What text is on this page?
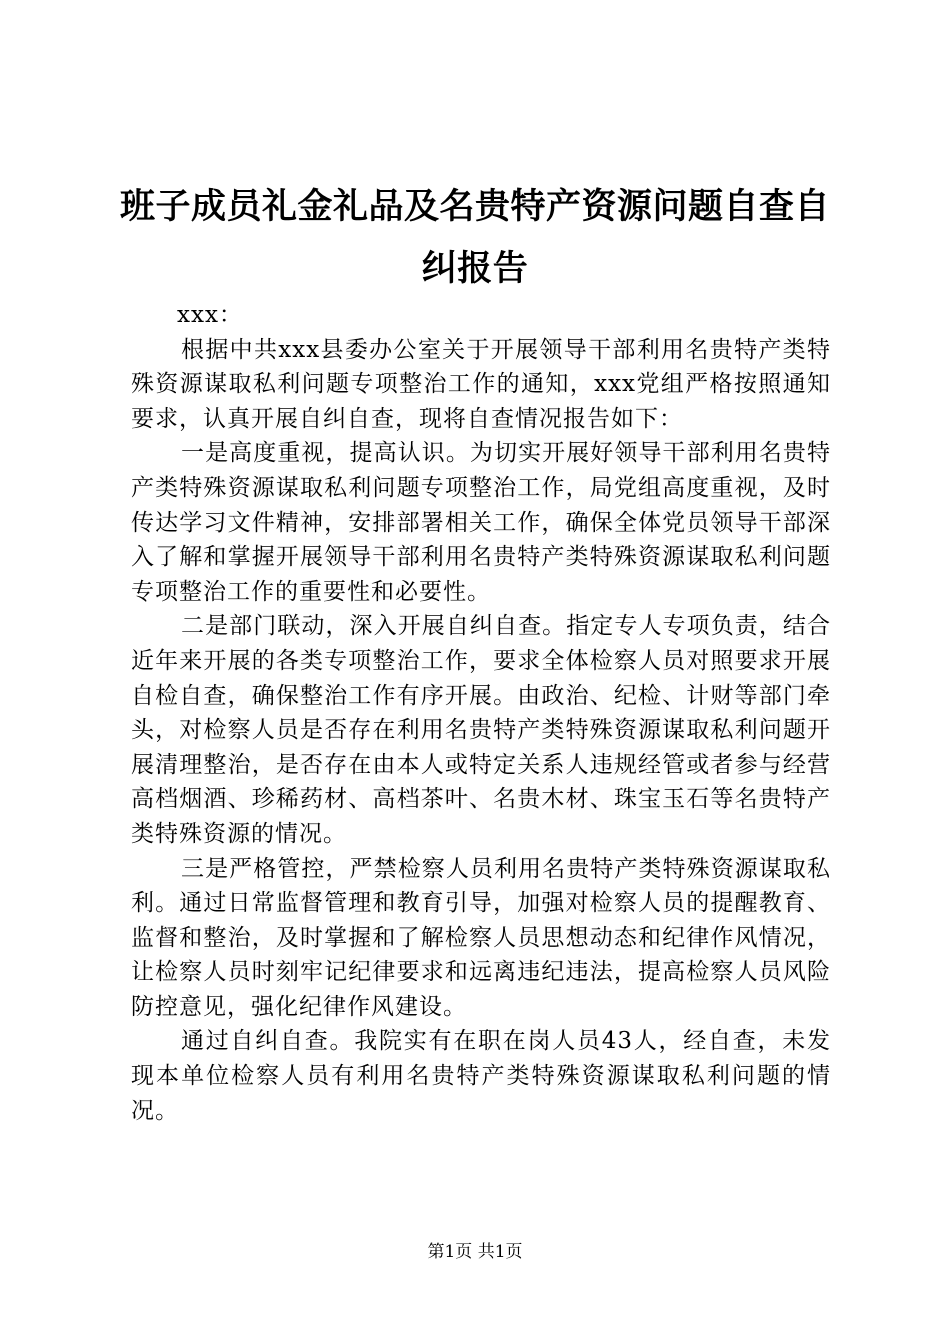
班子成员礼金礼品及名贵特产资源问题自查自纠报告

xxx：

根据中共xxx县委办公室关于开展领导干部利用名贵特产类特殊资源谋取私利问题专项整治工作的通知，xxx党组严格按照通知要求，认真开展自纠自查，现将自查情况报告如下：

一是高度重视，提高认识。为切实开展好领导干部利用名贵特产类特殊资源谋取私利问题专项整治工作，局党组高度重视，及时传达学习文件精神，安排部署相关工作，确保全体党员领导干部深入了解和掌握开展领导干部利用名贵特产类特殊资源谋取私利问题专项整治工作的重要性和必要性。

二是部门联动，深入开展自纠自查。指定专人专项负责，结合近年来开展的各类专项整治工作，要求全体检察人员对照要求开展自检自查，确保整治工作有序开展。由政治、纪检、计财等部门牵头，对检察人员是否存在利用名贵特产类特殊资源谋取私利问题开展清理整治，是否存在由本人或特定关系人违规经管或者参与经营高档烟酒、珍稀药材、高档茶叶、名贵木材、珠宝玉石等名贵特产类特殊资源的情况。

三是严格管控，严禁检察人员利用名贵特产类特殊资源谋取私利。通过日常监督管理和教育引导，加强对检察人员的提醒教育、监督和整治，及时掌握和了解检察人员思想动态和纪律作风情况，让检察人员时刻牢记纪律要求和远离违纪违法，提高检察人员风险防控意见，强化纪律作风建设。

通过自纠自查。我院实有在职在岗人员43人，经自查，未发现本单位检察人员有利用名贵特产类特殊资源谋取私利问题的情况。

第1页 共1页
